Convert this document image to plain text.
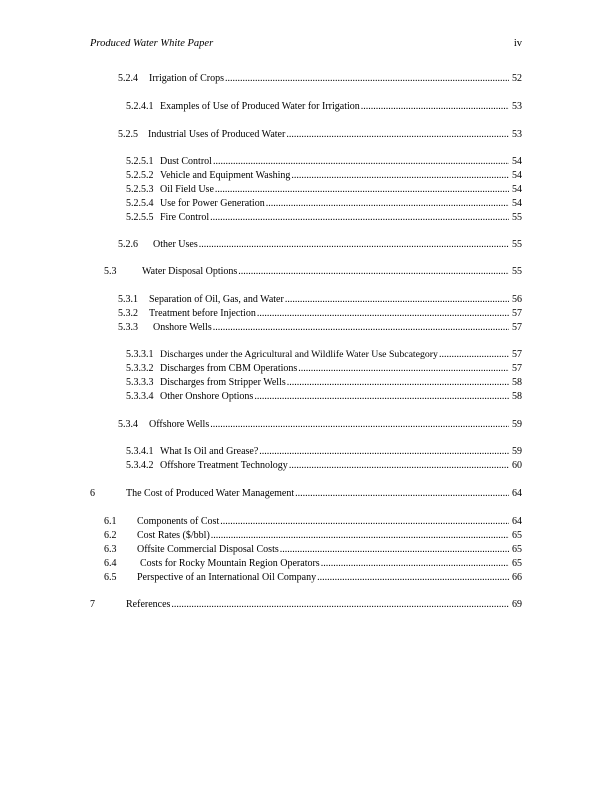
Produced Water White Paper	iv
5.2.4	Irrigation of Crops .....	52
5.2.4.1 Examples of Use of Produced Water for Irrigation .....	53
5.2.5	Industrial Uses of Produced Water .....	53
5.2.5.1 Dust Control .....	54
5.2.5.2 Vehicle and Equipment Washing .....	54
5.2.5.3 Oil Field Use .....	54
5.2.5.4 Use for Power Generation .....	54
5.2.5.5 Fire Control .....	55
5.2.6	Other Uses .....	55
5.3	Water Disposal Options .....	55
5.3.1	Separation of Oil, Gas, and Water .....	56
5.3.2	Treatment before Injection .....	57
5.3.3	Onshore Wells .....	57
5.3.3.1 Discharges under the Agricultural and Wildlife Water Use Subcategory .....	57
5.3.3.2 Discharges from CBM Operations .....	57
5.3.3.3 Discharges from Stripper Wells .....	58
5.3.3.4 Other Onshore Options .....	58
5.3.4	Offshore Wells .....	59
5.3.4.1 What Is Oil and Grease? .....	59
5.3.4.2 Offshore Treatment Technology .....	60
6	The Cost of Produced Water Management .....	64
6.1	Components of Cost .....	64
6.2	Cost Rates ($/bbl) .....	65
6.3	Offsite Commercial Disposal Costs .....	65
6.4	Costs for Rocky Mountain Region Operators .....	65
6.5	Perspective of an International Oil Company .....	66
7	References .....	69
